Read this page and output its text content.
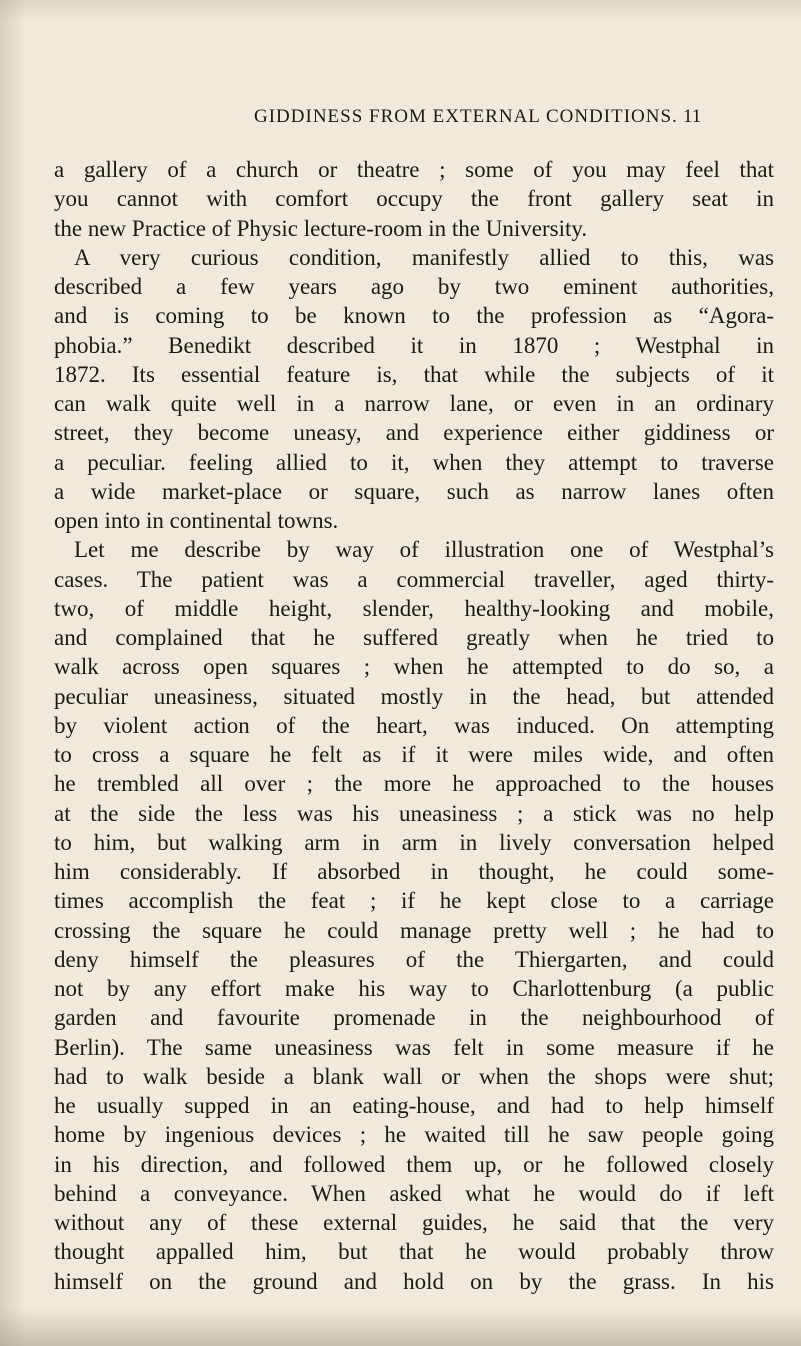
GIDDINESS FROM EXTERNAL CONDITIONS. 11
a gallery of a church or theatre ; some of you may feel that
you cannot with comfort occupy the front gallery seat in
the new Practice of Physic lecture-room in the University.
A very curious condition, manifestly allied to this, was
described a few years ago by two eminent authorities,
and is coming to be known to the profession as “Agora-
phobia.” Benedikt described it in 1870 ; Westphal in
1872. Its essential feature is, that while the subjects of it
can walk quite well in a narrow lane, or even in an ordinary
street, they become uneasy, and experience either giddiness or
a peculiar. feeling allied to it, when they attempt to traverse
a wide market-place or square, such as narrow lanes often
open into in continental towns.
Let me describe by way of illustration one of Westphal’s
cases. The patient was a commercial traveller, aged thirty-
two, of middle height, slender, healthy-looking and mobile,
and complained that he suffered greatly when he tried to
walk across open squares ; when he attempted to do so, a
peculiar uneasiness, situated mostly in the head, but attended
by violent action of the heart, was induced. On attempting
to cross a square he felt as if it were miles wide, and often
he trembled all over ; the more he approached to the houses
at the side the less was his uneasiness ; a stick was no help
to him, but walking arm in arm in lively conversation helped
him considerably. If absorbed in thought, he could some-
times accomplish the feat ; if he kept close to a carriage
crossing the square he could manage pretty well ; he had to
deny himself the pleasures of the Thiergarten, and could
not by any effort make his way to Charlottenburg (a public
garden and favourite promenade in the neighbourhood of
Berlin). The same uneasiness was felt in some measure if he
had to walk beside a blank wall or when the shops were shut;
he usually supped in an eating-house, and had to help himself
home by ingenious devices ; he waited till he saw people going
in his direction, and followed them up, or he followed closely
behind a conveyance. When asked what he would do if left
without any of these external guides, he said that the very
thought appalled him, but that he would probably throw
himself on the ground and hold on by the grass. In his
